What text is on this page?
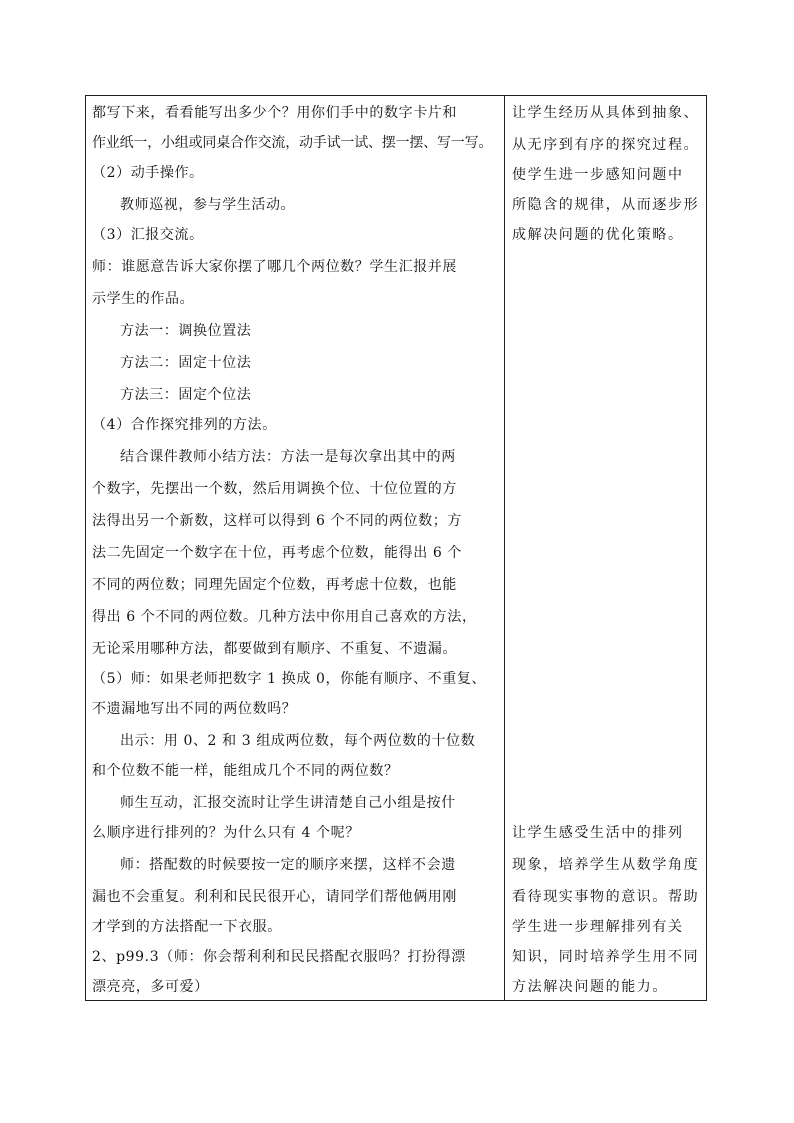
都写下来，看看能写出多少个？用你们手中的数字卡片和
作业纸一，小组或同桌合作交流，动手试一试、摆一摆、写一写。
（2）动手操作。
教师巡视，参与学生活动。
（3）汇报交流。
师：谁愿意告诉大家你摆了哪几个两位数？学生汇报并展
示学生的作品。
方法一：调换位置法
方法二：固定十位法
方法三：固定个位法
（4）合作探究排列的方法。
结合课件教师小结方法：方法一是每次拿出其中的两
个数字，先摆出一个数，然后用调换个位、十位位置的方
法得出另一个新数，这样可以得到 6 个不同的两位数；方
法二先固定一个数字在十位，再考虑个位数，能得出 6 个
不同的两位数；同理先固定个位数，再考虑十位数，也能
得出 6 个不同的两位数。几种方法中你用自己喜欢的方法，
无论采用哪种方法，都要做到有顺序、不重复、不遗漏。
（5）师：如果老师把数字 1 换成 0，你能有顺序、不重复、
不遗漏地写出不同的两位数吗？
出示：用 0、2 和 3 组成两位数，每个两位数的十位数
和个位数不能一样，能组成几个不同的两位数？
师生互动，汇报交流时让学生讲清楚自己小组是按什
么顺序进行排列的？为什么只有 4 个呢？
师：搭配数的时候要按一定的顺序来摆，这样不会遗
漏也不会重复。利利和民民很开心，请同学们帮他俩用刚
才学到的方法搭配一下衣服。
2、p99.3（师：你会帮利利和民民搭配衣服吗？打扮得漂
漂亮亮，多可爱）
让学生经历从具体到抽象、
从无序到有序的探究过程。
使学生进一步感知问题中
所隐含的规律，从而逐步形
成解决问题的优化策略。
让学生感受生活中的排列
现象，培养学生从数学角度
看待现实事物的意识。帮助
学生进一步理解排列有关
知识，同时培养学生用不同
方法解决问题的能力。
